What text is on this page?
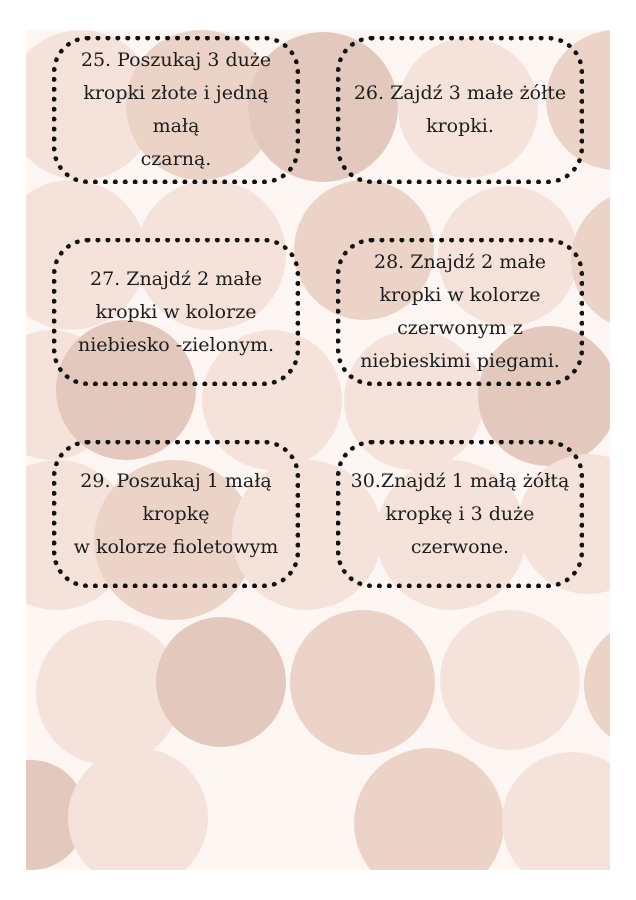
25. Poszukaj 3 duże
kropki złote i jedną małą
czarną.
26. Zajdź 3 małe żółte
kropki.
27. Znajdź 2 małe
kropki w kolorze
niebiesko -zielonym.
28. Znajdź 2 małe
kropki w kolorze
czerwonym z
niebieskimi piegami.
29. Poszukaj 1 małą
kropkę
w kolorze fioletowym
30.Znajdź 1 małą żółtą
kropkę i 3 duże
czerwone.
